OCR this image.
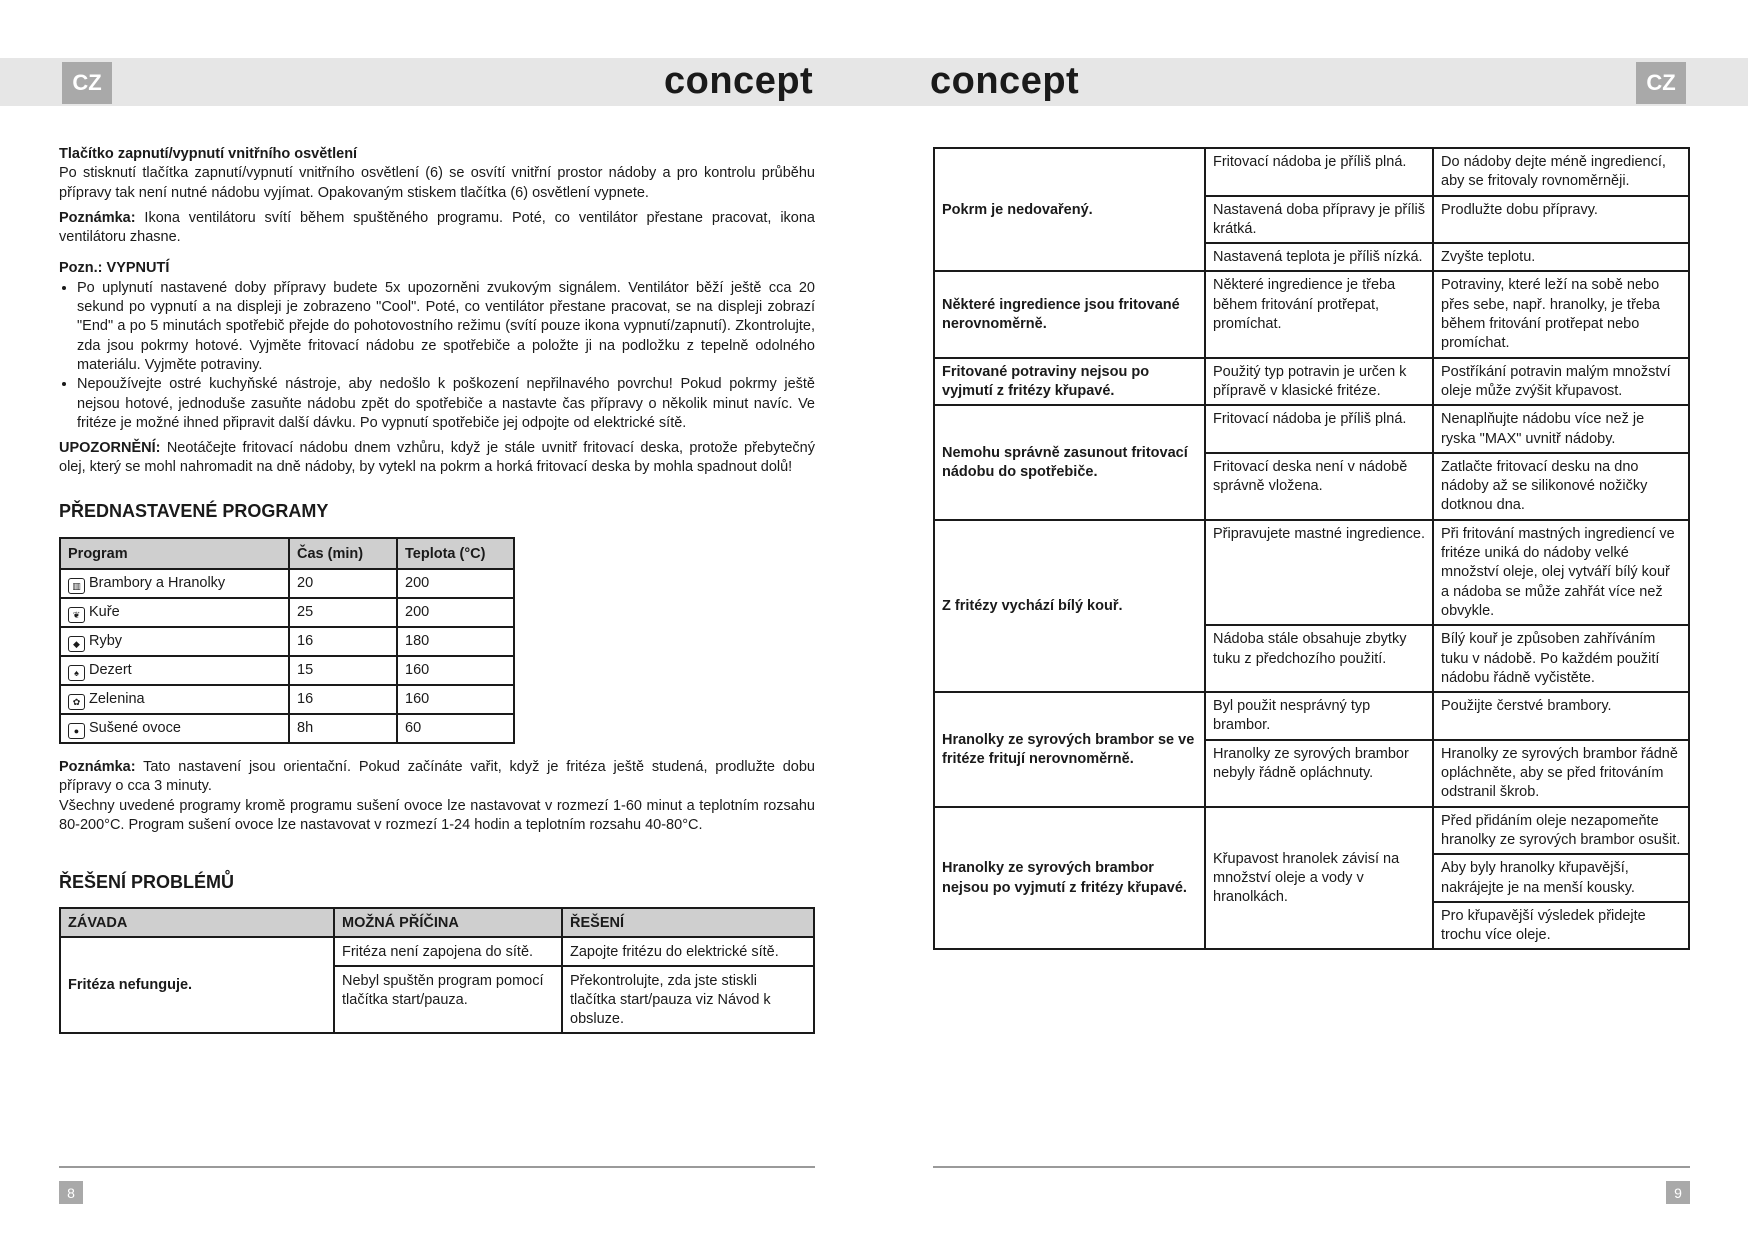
CZ	CZ
concept	concept

Tlačítko zapnutí/vypnutí vnitřního osvětlení

Po stisknutí tlačítka zapnutí/vypnutí vnitřního osvětlení (6) se osvítí vnitřní prostor nádoby a pro kontrolu průběhu přípravy tak není nutné nádobu vyjímat. Opakovaným stiskem tlačítka (6) osvětlení vypnete.

Poznámka: Ikona ventilátoru svítí během spuštěného programu. Poté, co ventilátor přestane pracovat, ikona ventilátoru zhasne.

Pozn.: VYPNUTÍ

• Po uplynutí nastavené doby přípravy budete 5x upozorněni zvukovým signálem. Ventilátor běží ještě cca 20 sekund po vypnutí a na displeji je zobrazeno "Cool". Poté, co ventilátor přestane pracovat, se na displeji zobrazí "End" a po 5 minutách spotřebič přejde do pohotovostního režimu (svítí pouze ikona vypnutí/zapnutí). Zkontrolujte, zda jsou pokrmy hotové. Vyjměte fritovací nádobu ze spotřebiče a položte ji na podložku z tepelně odolného materiálu. Vyjměte potraviny.
• Nepoužívejte ostré kuchyňské nástroje, aby nedošlo k poškození nepřilnavého povrchu! Pokud pokrmy ještě nejsou hotové, jednoduše zasuňte nádobu zpět do spotřebiče a nastavte čas přípravy o několik minut navíc. Ve fritéze je možné ihned připravit další dávku. Po vypnutí spotřebiče jej odpojte od elektrické sítě.

UPOZORNĚNÍ: Neotáčejte fritovací nádobu dnem vzhůru, když je stále uvnitř fritovací deska, protože přebytečný olej, který se mohl nahromadit na dně nádoby, by vytekl na pokrm a horká fritovací deska by mohla spadnout dolů!

PŘEDNASTAVENÉ PROGRAMY
Program	Čas (min)	Teplota (°C)
▥ Brambory a Hranolky	20	200
❦ Kuře	25	200
◆ Ryby	16	180
♠ Dezert	15	160
✿ Zelenina	16	160
● Sušené ovoce	8h	60

Poznámka: Tato nastavení jsou orientační. Pokud začínáte vařit, když je fritéza ještě studená, prodlužte dobu přípravy o cca 3 minuty.

Všechny uvedené programy kromě programu sušení ovoce lze nastavovat v rozmezí 1-60 minut a teplotním rozsahu 80-200°C. Program sušení ovoce lze nastavovat v rozmezí 1-24 hodin a teplotním rozsahu 40-80°C.

ŘEŠENÍ PROBLÉMŮ
ZÁVADA	MOŽNÁ PŘÍČINA	ŘEŠENÍ
Fritéza nefunguje.	Fritéza není zapojena do sítě.	Zapojte fritézu do elektrické sítě.
	Nebyl spuštěn program pomocí tlačítka start/pauza.	Překontrolujte, zda jste stiskli tlačítka start/pauza viz Návod k obsluze.
Pokrm je nedovařený.	Fritovací nádoba je příliš plná.	Do nádoby dejte méně ingrediencí, aby se fritovaly rovnoměrněji.
	Nastavená doba přípravy je příliš krátká.	Prodlužte dobu přípravy.
	Nastavená teplota je příliš nízká.	Zvyšte teplotu.
Některé ingredience jsou fritované nerovnoměrně.	Některé ingredience je třeba během fritování protřepat, promíchat.	Potraviny, které leží na sobě nebo přes sebe, např. hranolky, je třeba během fritování protřepat nebo promíchat.
Fritované potraviny nejsou po vyjmutí z fritézy křupavé.	Použitý typ potravin je určen k přípravě v klasické fritéze.	Postříkání potravin malým množství oleje může zvýšit křupavost.
Nemohu správně zasunout fritovací nádobu do spotřebiče.	Fritovací nádoba je příliš plná.	Nenaplňujte nádobu více než je ryska "MAX" uvnitř nádoby.
	Fritovací deska není v nádobě správně vložena.	Zatlačte fritovací desku na dno nádoby až se silikonové nožičky dotknou dna.
Z fritézy vychází bílý kouř.	Připravujete mastné ingredience.	Při fritování mastných ingrediencí ve fritéze uniká do nádoby velké množství oleje, olej vytváří bílý kouř a nádoba se může zahřát více než obvykle.
	Nádoba stále obsahuje zbytky tuku z předchozího použití.	Bílý kouř je způsoben zahříváním tuku v nádobě. Po každém použití nádobu řádně vyčistěte.
Hranolky ze syrových brambor se ve fritéze fritují nerovnoměrně.	Byl použit nesprávný typ brambor.	Použijte čerstvé brambory.
	Hranolky ze syrových brambor nebyly řádně opláchnuty.	Hranolky ze syrových brambor řádně opláchněte, aby se před fritováním odstranil škrob.
Hranolky ze syrových brambor nejsou po vyjmutí z fritézy křupavé.	Křupavost hranolek závisí na množství oleje a vody v hranolkách.	Před přidáním oleje nezapomeňte hranolky ze syrových brambor osušit.
		Aby byly hranolky křupavější, nakrájejte je na menší kousky.
		Pro křupavější výsledek přidejte trochu více oleje.
8	9
